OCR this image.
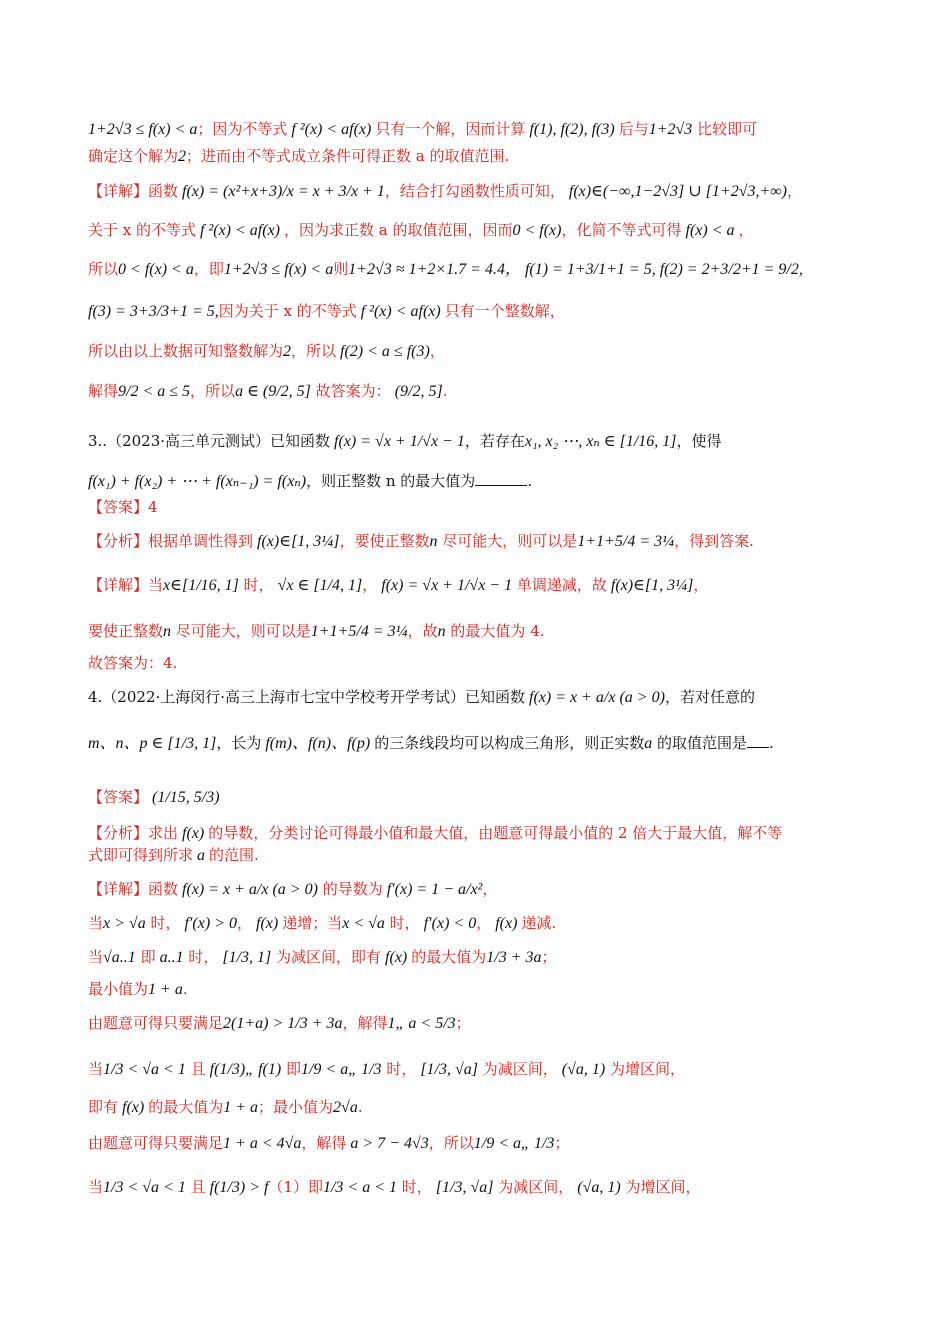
1+2√3 ≤ f(x) < a；因为不等式 f ²(x) < af(x) 只有一个解，因而计算 f(1), f(2), f(3) 后与1+2√3 比较即可
确定这个解为2；进而由不等式成立条件可得正数 a 的取值范围.
【详解】函数 f(x) = (x²+x+3)/x = x + 3/x + 1，结合打勾函数性质可知， f(x)∈(−∞,1−2√3] ∪ [1+2√3,+∞)，
关于 x 的不等式 f ²(x) < af(x) ，因为求正数 a 的取值范围，因而0 < f(x)，化简不等式可得 f(x) < a ，
所以0 < f(x) < a，即1+2√3 ≤ f(x) < a则1+2√3 ≈ 1+2×1.7 = 4.4， f(1) = 1+3/1+1 = 5, f(2) = 2+3/2+1 = 9/2,
f(3) = 3+3/3+1 = 5,因为关于 x 的不等式 f ²(x) < af(x) 只有一个整数解，
所以由以上数据可知整数解为2，所以 f(2) < a ≤ f(3)，
解得9/2 < a ≤ 5，所以a ∈ (9/2, 5] 故答案为： (9/2, 5].
3..（2023·高三单元测试）已知函数 f(x) = √x + 1/√x − 1，若存在x₁, x₂ ⋯, xₙ ∈ [1/16, 1]，使得
f(x₁) + f(x₂) + ⋯ + f(xₙ₋₁) = f(xₙ)，则正整数 n 的最大值为	.
【答案】4
【分析】根据单调性得到 f(x)∈[1, 3¼]，要使正整数n 尽可能大，则可以是1+1+5/4 = 3¼，得到答案.
【详解】当x∈[1/16, 1] 时， √x ∈ [1/4, 1]， f(x) = √x + 1/√x − 1 单调递减，故 f(x)∈[1, 3¼]，
要使正整数n 尽可能大，则可以是1+1+5/4 = 3¼，故n 的最大值为 4.
故答案为：4.
4.（2022·上海闵行·高三上海市七宝中学校考开学考试）已知函数 f(x) = x + a/x (a > 0)，若对任意的
m、n、p ∈ [1/3, 1]，长为 f(m)、f(n)、f(p) 的三条线段均可以构成三角形，则正实数a 的取值范围是 .
【答案】 (1/15, 5/3)
【分析】求出 f(x) 的导数，分类讨论可得最小值和最大值，由题意可得最小值的 2 倍大于最大值，解不等
式即可得到所求 a 的范围.
【详解】函数 f(x) = x + a/x (a > 0) 的导数为 f′(x) = 1 − a/x²，
当x > √a 时， f′(x) > 0， f(x) 递增；当x < √a 时， f′(x) < 0， f(x) 递减.
当√a..1 即 a..1 时， [1/3, 1] 为减区间，即有 f(x) 的最大值为1/3 + 3a；
最小值为1 + a.
由题意可得只要满足2(1+a) > 1/3 + 3a，解得1„ a < 5/3；
当1/3 < √a < 1 且 f(1/3)„ f(1) 即1/9 < a„ 1/3 时， [1/3, √a] 为减区间， (√a, 1) 为增区间，
即有 f(x) 的最大值为1 + a；最小值为2√a.
由题意可得只要满足1 + a < 4√a，解得 a > 7 − 4√3，所以1/9 < a„ 1/3；
当1/3 < √a < 1 且 f(1/3) > f（1）即1/3 < a < 1 时， [1/3, √a] 为减区间， (√a, 1) 为增区间，
